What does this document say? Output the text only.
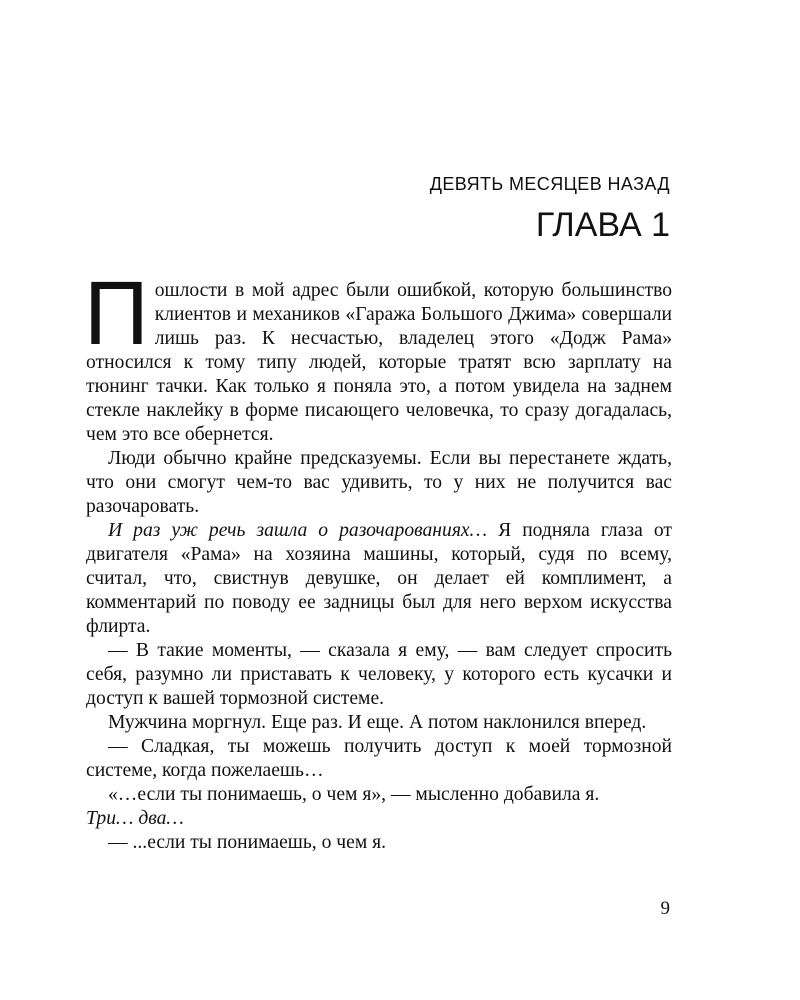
ДЕВЯТЬ МЕСЯЦЕВ НАЗАД
ГЛАВА 1

Пошлости в мой адрес были ошибкой, которую большинство клиентов и механиков «Гаража Большого Джима» совершали лишь раз. К несчастью, владелец этого «Додж Рама» относился к тому типу людей, которые тратят всю зарплату на тюнинг тачки. Как только я поняла это, а потом увидела на заднем стекле наклейку в форме писающего человечка, то сразу догадалась, чем это все обернется.

Люди обычно крайне предсказуемы. Если вы перестанете ждать, что они смогут чем-то вас удивить, то у них не получится вас разочаровать.

И раз уж речь зашла о разочарованиях… Я подняла глаза от двигателя «Рама» на хозяина машины, который, судя по всему, считал, что, свистнув девушке, он делает ей комплимент, а комментарий по поводу ее задницы был для него верхом искусства флирта.

— В такие моменты, — сказала я ему, — вам следует спросить себя, разумно ли приставать к человеку, у которого есть кусачки и доступ к вашей тормозной системе.

Мужчина моргнул. Еще раз. И еще. А потом наклонился вперед.

— Сладкая, ты можешь получить доступ к моей тормозной системе, когда пожелаешь…

«…если ты понимаешь, о чем я», — мысленно добавила я.

Три… два…

— ...если ты понимаешь, о чем я.

9
